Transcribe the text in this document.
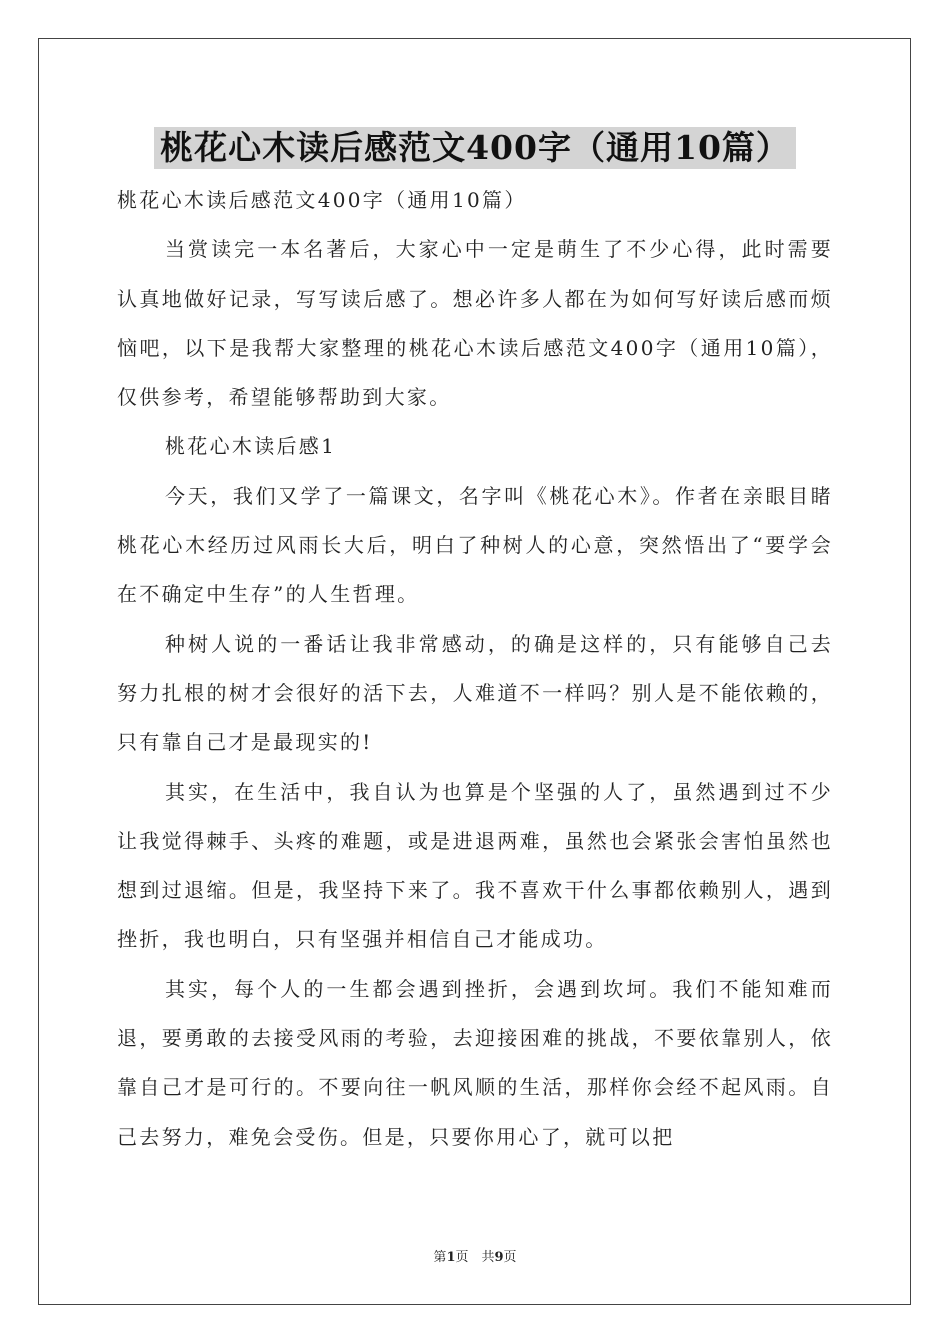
桃花心木读后感范文400字（通用10篇）

桃花心木读后感范文400字（通用10篇）

当赏读完一本名著后，大家心中一定是萌生了不少心得，此时需要认真地做好记录，写写读后感了。想必许多人都在为如何写好读后感而烦恼吧，以下是我帮大家整理的桃花心木读后感范文400字（通用10篇），仅供参考，希望能够帮助到大家。

桃花心木读后感1

今天，我们又学了一篇课文，名字叫《桃花心木》。作者在亲眼目睹桃花心木经历过风雨长大后，明白了种树人的心意，突然悟出了“要学会在不确定中生存”的人生哲理。

种树人说的一番话让我非常感动，的确是这样的，只有能够自己去努力扎根的树才会很好的活下去，人难道不一样吗？别人是不能依赖的，只有靠自己才是最现实的!

其实，在生活中，我自认为也算是个坚强的人了，虽然遇到过不少让我觉得棘手、头疼的难题，或是进退两难，虽然也会紧张会害怕虽然也想到过退缩。但是，我坚持下来了。我不喜欢干什么事都依赖别人，遇到挫折，我也明白，只有坚强并相信自己才能成功。

其实，每个人的一生都会遇到挫折，会遇到坎坷。我们不能知难而退，要勇敢的去接受风雨的考验，去迎接困难的挑战，不要依靠别人，依靠自己才是可行的。不要向往一帆风顺的生活，那样你会经不起风雨。自己去努力，难免会受伤。但是，只要你用心了，就可以把

第1页　共9页
